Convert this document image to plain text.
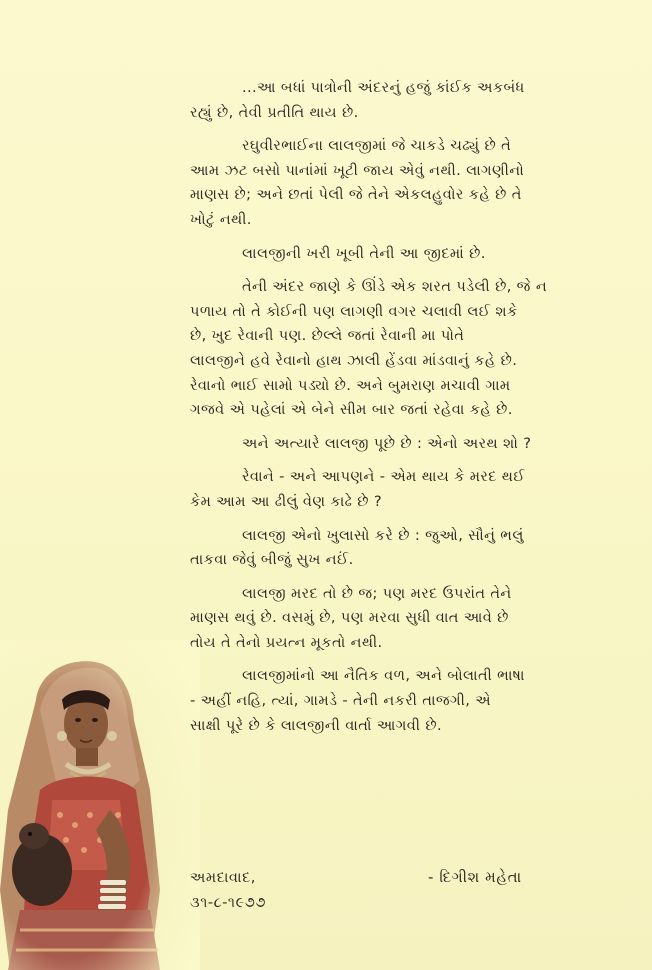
...આ બધાં પાત્રોની અંદરનું હજું કાંઈક અકબંધ
રહ્યું છે, તેવી પ્રતીતિ થાય છે.
રઘુવીરભાઈના લાલજીમાં જે ચાકડે ચઢ્યું છે તે
આમ ઝટ બસો પાનાંમાં ખૂટી જાય એવું નથી. લાગણીનો
માણસ છે; અને છતાં પેલી જે તેને એકલહુવોર કહે છે તે
ખોટું નથી.
લાલજીની ખરી ખૂબી તેની આ જીદમાં છે.
તેની અંદર જાણે કે ઊંડે એક શરત પડેલી છે, જે ન
પળાય તો તે કોઈની પણ લાગણી વગર ચલાવી લઈ શકે
છે, ખુદ રેવાની પણ. છેલ્લે જતાં રેવાની મા પોતે
લાલજીને હવે રેવાનો હાથ ઝાલી હેંડવા માંડવાનું કહે છે.
રેવાનો ભાઈ સામો પડ્યો છે. અને બુમરાણ મચાવી ગામ
ગજવે એ પહેલાં એ બેને સીમ બાર જતાં રહેવા કહે છે.
અને અત્યારે લાલજી પૂછે છે : એનો અરથ શો ?
રેવાને - અને આપણને - એમ થાય કે મરદ થઈ
કેમ આમ આ ઢીલું વેણ કાઢે છે ?
લાલજી એનો ખુલાસો કરે છે : જુઓ, સૌનું ભલું
તાકવા જેવું બીજું સુખ નઈં.
લાલજી મરદ તો છે જ; પણ મરદ ઉપરાંત તેને
માણસ થવું છે. વસમું છે, પણ મરવા સુધી વાત આવે છે
તોય તે તેનો પ્રયત્ન મૂકતો નથી.
લાલજીમાંનો આ નૈતિક વળ, અને બોલાતી ભાષા
- અહીં નહિ, ત્યાં, ગામડે - તેની નકરી તાજગી, એ
સાક્ષી પૂરે છે કે લાલજીની વાર્તા આગવી છે.
અમદાવાદ,
૩૧-૮-૧૯૭૭
- દિગીશ મહેતા
